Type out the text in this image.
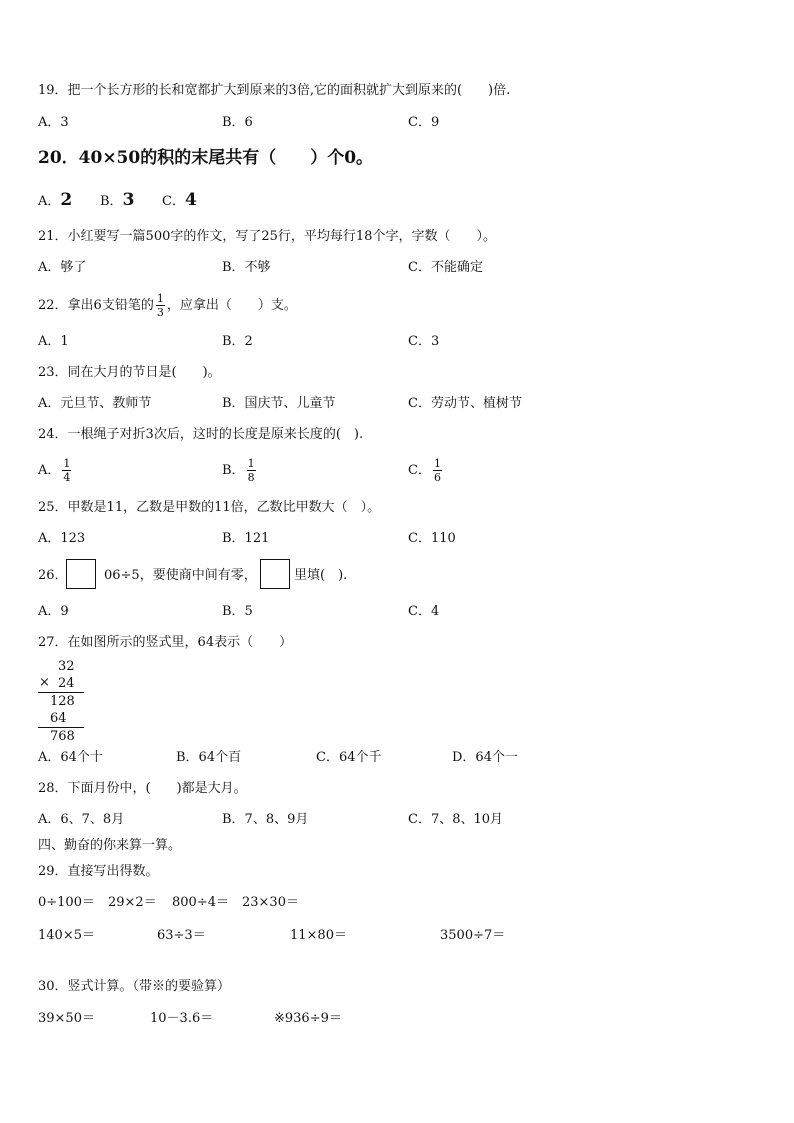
19．把一个长方形的长和宽都扩大到原来的3倍,它的面积就扩大到原来的(　　)倍.
A．3	B．6	C．9
20．40×50的积的末尾共有（　　）个0。
A．2 B．3 C．4
21．小红要写一篇500字的作文，写了25行，平均每行18个字，字数（　　）。
A．够了	B．不够	C．不能确定
22．拿出6支铅笔的 $\frac{1}{3}$ ，应拿出（　　）支。
A．1	B．2	C．3
23．同在大月的节日是(　　)。
A．元旦节、教师节	B．国庆节、儿童节	C．劳动节、植树节
24．一根绳子对折3次后，这时的长度是原来长度的(　).
A． $\frac{1}{4}$	B． $\frac{1}{8}$	C． $\frac{1}{6}$
25．甲数是11，乙数是甲数的11倍，乙数比甲数大（　）。
A．123	B．121	C．110
26．	06÷5，要使商中间有零，	里填(　).
A．9	B．5	C．4
27．在如图所示的竖式里，64表示（　　）
32
× 24
128
64
768
A．64个十	B．64个百	C．64个千	D．64个一
28．下面月份中，(　　)都是大月。
A．6、7、8月	B．7、8、9月	C．7、8、10月
四、勤奋的你来算一算。
29．直接写出得数。
0÷100＝ 29×2＝ 800÷4＝ 23×30＝
140×5＝	63÷3＝	11×80＝	3500÷7＝
30．竖式计算。（带※的要验算）
39×50＝	10－3.6＝	※936÷9＝
